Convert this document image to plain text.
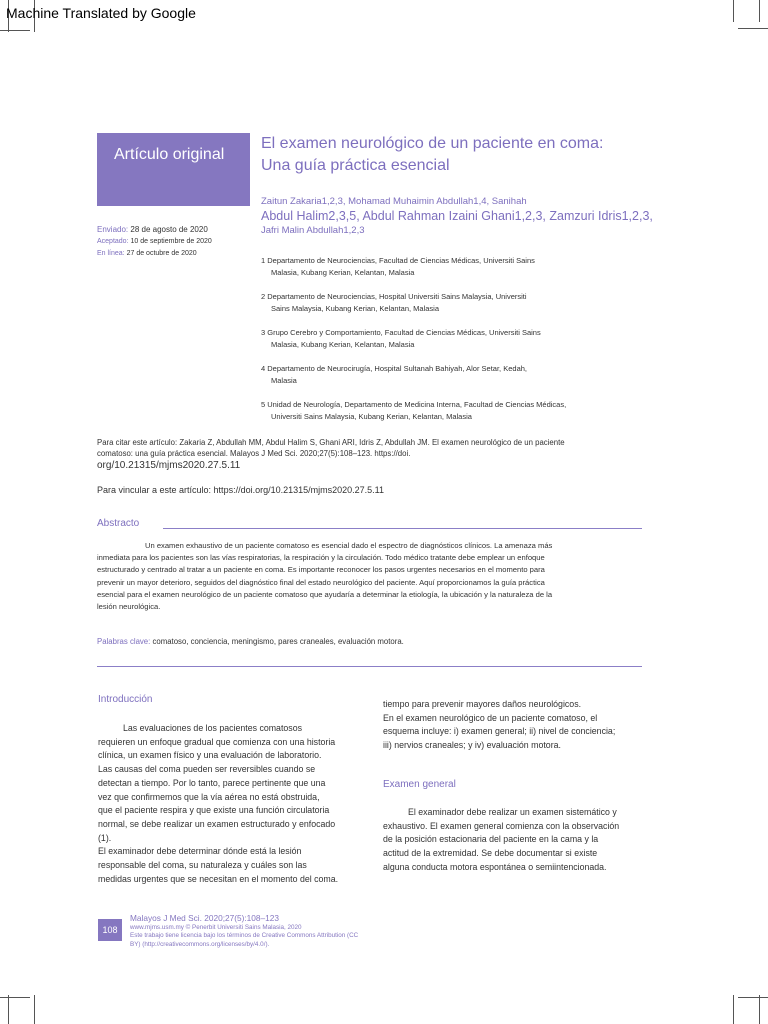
Machine Translated by Google
Artículo original
El examen neurológico de un paciente en coma:
Una guía práctica esencial
Zaitun Zakaria1,2,3, Mohamad Muhaimin Abdullah1,4, Sanihah
Abdul Halim2,3,5, Abdul Rahman Izaini Ghani1,2,3, Zamzuri Idris1,2,3,
Jafri Malin Abdullah1,2,3
Enviado: 28 de agosto de 2020
Aceptado: 10 de septiembre de 2020
En línea: 27 de octubre de 2020
1 Departamento de Neurociencias, Facultad de Ciencias Médicas, Universiti Sains
Malasia, Kubang Kerian, Kelantan, Malasia
2 Departamento de Neurociencias, Hospital Universiti Sains Malaysia, Universiti
Sains Malaysia, Kubang Kerian, Kelantan, Malasia
3 Grupo Cerebro y Comportamiento, Facultad de Ciencias Médicas, Universiti Sains
Malasia, Kubang Kerian, Kelantan, Malasia
4 Departamento de Neurocirugía, Hospital Sultanah Bahiyah, Alor Setar, Kedah,
Malasia
5 Unidad de Neurología, Departamento de Medicina Interna, Facultad de Ciencias Médicas,
Universiti Sains Malaysia, Kubang Kerian, Kelantan, Malasia
Para citar este artículo: Zakaria Z, Abdullah MM, Abdul Halim S, Ghani ARI, Idris Z, Abdullah JM. El examen neurológico de un paciente
comatoso: una guía práctica esencial. Malayos J Med Sci. 2020;27(5):108–123. https://doi.
org/10.21315/mjms2020.27.5.11
Para vincular a este artículo: https://doi.org/10.21315/mjms2020.27.5.11
Abstracto
Un examen exhaustivo de un paciente comatoso es esencial dado el espectro de diagnósticos clínicos. La amenaza más
inmediata para los pacientes son las vías respiratorias, la respiración y la circulación. Todo médico tratante debe emplear un enfoque
estructurado y centrado al tratar a un paciente en coma. Es importante reconocer los pasos urgentes necesarios en el momento para
prevenir un mayor deterioro, seguidos del diagnóstico final del estado neurológico del paciente. Aquí proporcionamos la guía práctica
esencial para el examen neurológico de un paciente comatoso que ayudaría a determinar la etiología, la ubicación y la naturaleza de la
lesión neurológica.
Palabras clave: comatoso, conciencia, meningismo, pares craneales, evaluación motora.
Introducción
Las evaluaciones de los pacientes comatosos
requieren un enfoque gradual que comienza con una historia
clínica, un examen físico y una evaluación de laboratorio.
Las causas del coma pueden ser reversibles cuando se
detectan a tiempo. Por lo tanto, parece pertinente que una
vez que confirmemos que la vía aérea no está obstruida,
que el paciente respira y que existe una función circulatoria
normal, se debe realizar un examen estructurado y enfocado
(1).
El examinador debe determinar dónde está la lesión
responsable del coma, su naturaleza y cuáles son las
medidas urgentes que se necesitan en el momento del coma.
tiempo para prevenir mayores daños neurológicos.
En el examen neurológico de un paciente comatoso, el
esquema incluye: i) examen general; ii) nivel de conciencia;
iii) nervios craneales; y iv) evaluación motora.
Examen general
El examinador debe realizar un examen sistemático y
exhaustivo. El examen general comienza con la observación
de la posición estacionaria del paciente en la cama y la
actitud de la extremidad. Se debe documentar si existe
alguna conducta motora espontánea o semiintencionada.
108
Malayos J Med Sci. 2020;27(5):108–123
www.mjms.usm.my © Penerbit Universiti Sains Malasia, 2020
Este trabajo tiene licencia bajo los términos de Creative Commons Attribution (CC
BY) (http://creativecommons.org/licenses/by/4.0/).
